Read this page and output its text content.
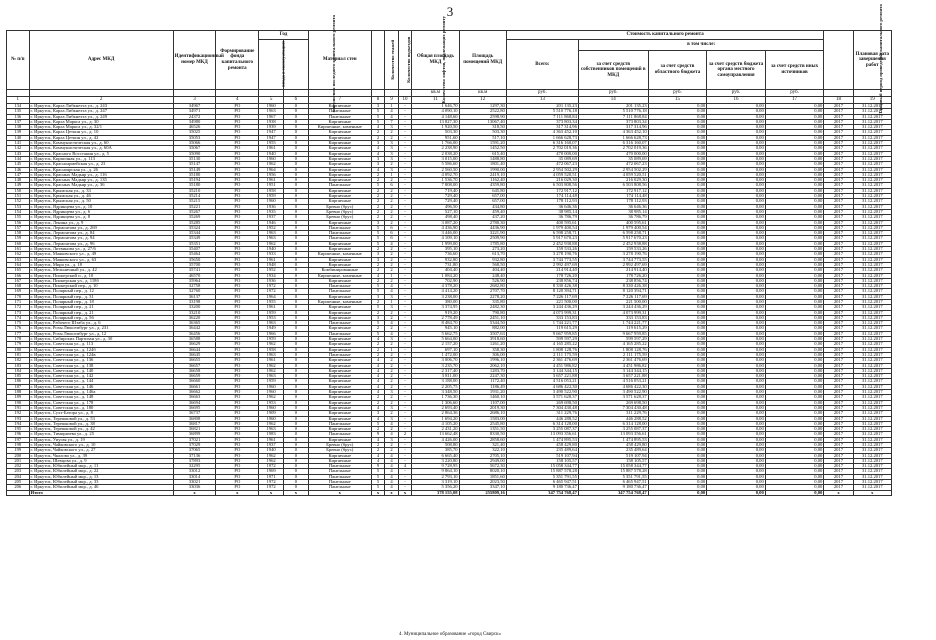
3
№ п/п	Адрес МКД	Идентификационный номер МКД	Формирование фонда капитального ремонта	Год		Материал стен	Количество этажей	Количество подъездов	Количество лифтов, подлежащих ремонту	Общая площадь МКД	Площадь помещений МКД	Стоимость капитального ремонта					Плановый период проведения капитального ремонта	Плановая дата завершения работ
				ввода в эксплуатацию	завершения последнего капитального ремонта							Всего:	в том числе:					
													за счет средств собственников помещений в МКД	за счет средств областного бюджета	за счет средств бюджета органа местного самоуправления	за счет средств иных источников		
										кв.м	кв.м	руб.	руб.	руб.	руб.	руб.		
1	2	3	4	5	6	7	8	9	10	11	12	13	14	15	16	17	18	19
134	г. Иркутск, Карла Либкнехта ул., д. 243	34967	РО	1960	0	Кирпичные	3	1	-	1 646,70	1297,30	201 135,23	201 135,23	0,00	0,00	0,00	2017	31.12.2017
135	г. Иркутск, Карла Либкнехта ул., д. 247	34971	РО	1963	0	Панельные	5	4	-	4 090,10	2522,80	5 510 776,18	5 510 776,18	0,00	0,00	0,00	2017	31.12.2017
136	г. Иркутск, Карла Либкнехта ул., д. 249	24372	РО	1967	0	Панельные	5	4	-	4 148,60	2598,90	7 111 868,84	7 111 868,84	0,00	0,00	0,00	2017	31.12.2017
137	г. Иркутск, Карла Маркса ул., д. 30	34980	РО	1938	0	Кирпичные	5	7	-	13 827,30	13067,40	373 803,34	373 803,34	0,00	0,00	0,00	2017	31.12.2017
138	г. Иркутск, Карла Маркса ул., д. 32/1	46526	РО	1939	0	Кирпичные, каменные	4	3	-	1 920,50	318,50	317 314,96	317 314,96	0,00	0,00	0,00	2017	31.12.2017
139	г. Иркутск, Карла Цеткин ул., д. 10	35025	РО	1947	0	Кирпичные	2	2	-	503,30	503,30	4 363 452,10	4 363 452,10	0,00	0,00	0,00	2017	31.12.2017
140	г. Иркутск, Карла Цеткин ул., д. 42	35053	РО	1947	0	Кирпичные	2	2	-	951,60	517,10	1 666 628,73	1 666 628,73	0,00	0,00	0,00	2017	31.12.2017
141	г. Иркутск, Коммунистическая ул., д. 60	35066	РО	1955	0	Кирпичные	3	3	-	1 766,00	1591,20	6 316 160,07	6 316 160,07	0,00	0,00	0,00	2017	31.12.2017
142	г. Иркутск, Коммунистическая ул., д. 60А	35067	РО	1961	0	Кирпичные	4	3	-	2 238,90	1452,50	2 702 019,36	2 702 019,36	0,00	0,00	0,00	2017	31.12.2017
143	г. Иркутск, Красного Восстания ул., д. 5	35090	РО	1940	0	Кирпичные	4	3	-	2 038,20	615,40	470 000,00	470 000,00	0,00	0,00	0,00	2017	31.12.2017
144	г. Иркутск, Кирпичная ул., д. 113	35130	РО	1960	0	Кирпичные	3	3	-	3 015,00	1488,80	35 089,69	35 089,69	0,00	0,00	0,00	2017	31.12.2017
145	г. Иркутск, Красноармейская ул., д. 23	35147	РО	1962	0	Кирпичные	3	2	-	5 586,60	1801,40	472 067,23	472 067,23	0,00	0,00	0,00	2017	31.12.2017
146	г. Иркутск, Красноярская ул., д. 26	35149	РО	1964	0	Кирпичные	4	3	-	2 560,50	1990,00	2 954 502,29	2 954 502,29	0,00	0,00	0,00	2017	31.12.2017
147	г. Иркутск, Красных Мадьяр ул., д. 116	35180	РО	1956	0	Кирпичные	2	1	-	4 092,70	2419,10	4 059 520,51	4 059 520,51	0,00	0,00	0,00	2017	31.12.2017
148	г. Иркутск, Красных Мадьяр ул., д. 135	35194	РО	1961	0	Кирпичные	2	2	-	1 536,70	1162,40	216 029,30	216 029,30	0,00	0,00	0,00	2017	31.12.2017
149	г. Иркутск, Красных Мадьяр ул., д. 36	35180	РО	1951	0	Панельные	5	6	-	7 808,00	4359,80	6 503 808,56	6 503 808,56	0,00	0,00	0,00	2017	31.12.2017
150	г. Иркутск, Крымская ул., д. 33	35210	РО	1958	0	Кирпичные	2	2	-	719,40	645,80	172 917,12	172 917,12	0,00	0,00	0,00	2017	31.12.2017
151	г. Иркутск, Крымская ул., д. 46	35214	РО	1959	0	Кирпичные	2	2	-	729,40	657,00	174 114,48	174 114,48	0,00	0,00	0,00	2017	31.12.2017
152	г. Иркутск, Крымская ул., д. 50	35215	РО	1960	0	Кирпичные	2	2	-	729,40	657,00	178 112,93	178 112,93	0,00	0,00	0,00	2017	31.12.2017
153	г. Иркутск, Ядринцева ул., д. 10	35221	РО	1936	0	Бревно (брус)	2	2	-	496,50	434,80	36 646,36	36 646,36	0,00	0,00	0,00	2017	31.12.2017
154	г. Иркутск, Ядринцева ул., д. 6	35267	РО	1935	0	Бревно (брус)	2	2	-	527,10	459,40	38 985,14	38 985,14	0,00	0,00	0,00	2017	31.12.2017
155	г. Иркутск, Ядринцева ул., д. 8	35269	РО	1937	0	Бревно (брус)	2	2	-	498,40	437,20	36 786,79	36 786,79	0,00	0,00	0,00	2017	31.12.2017
156	г. Иркутск, Ленина ул., д. 9	35285	РО	1946	0	Кирпичные	3	2	-	3 087,20	2780,30	400 595,61	400 595,61	0,00	0,00	0,00	2017	31.12.2017
157	г. Иркутск, Лермонтова ул., д. 269	35324	РО	1952	0	Панельные	5	6	-	4 436,90	4436,90	1 979 400,54	1 979 400,54	0,00	0,00	0,00	2017	31.12.2017
158	г. Иркутск, Лермонтова ул., д. 84	35344	РО	1963	0	Панельные	5	6	-	3 446,00	3221,90	6 598 258,71	6 598 258,71	0,00	0,00	0,00	2017	31.12.2017
159	г. Иркутск, Лермонтова ул., д. 94	35349	РО	1963	0	Панельные	5	6	-	4 109,10	2509,90	5 917 670,23	5 917 670,23	0,00	0,00	0,00	2017	31.12.2017
160	г. Иркутск, Лермонтова ул., д. 96	35351	РО	1962	0	Кирпичные	5	4	-	1 999,00	1785,80	2 452 938,88	2 452 938,88	0,00	0,00	0,00	2017	31.12.2017
161	г. Иркутск, Литвинова ул., д. 27/6	35407	РО	1940	0	Кирпичные	2	2	-	395,10	273,20	159 533,26	159 533,26	0,00	0,00	0,00	2017	31.12.2017
162	г. Иркутск, Маяковского ул., д. 49	35464	РО	1933	0	Кирпичные, каменные	3	2	-	736,60	613,70	3 278 190,76	3 278 190,76	0,00	0,00	0,00	2017	31.12.2017
163	г. Иркутск, Маяковского ул., д. 63	35650	РО	1961	0	Кирпичные	3	2	-	932,80	932,80	3 744 773,55	3 744 773,55	0,00	0,00	0,00	2017	31.12.2017
164	г. Иркутск, Мира ул., д. 18	35700	РО	1948	0	Кирпичные	2	2	-	731,80	568,50	2 992 497,69	2 992 497,69	0,00	0,00	0,00	2017	31.12.2017
165	г. Иркутск, Мельничный ул., д. 42	35741	РО	1952	0	Комбинированные	2	2	-	404,40	404,40	214 914,40	214 914,40	0,00	0,00	0,00	2017	31.12.2017
166	г. Иркутск, Пионерский п., д. 10	46570	РО	1934	0	Кирпичные, каменные	4	1	-	1 084,20	248,40	178 726,20	178 726,20	0,00	0,00	0,00	2017	31.12.2017
167	г. Иркутск, Пионерская ул., д. 118б	35964	РО	1936	0	Кирпичные	2	2	-	702,90	526,90	238 856,74	238 856,74	0,00	0,00	0,00	2017	31.12.2017
168	г. Иркутск, Пионерский пер., д. 10	32758	РО	1972	0	Панельные	5	4	-	4 378,20	2682,80	8 330 426,38	8 330 426,38	0,00	0,00	0,00	2017	31.12.2017
169	г. Иркутск, Полярный пер., д. 12	32760	РО	1972	0	Панельные	5	4	-	4 414,20	2707,70	8 120 394,71	8 120 394,71	0,00	0,00	0,00	2017	31.12.2017
170	г. Иркутск, Полярный пер., д. 31	36137	РО	1964	0	Кирпичные	3	3	-	3 238,00	2278,20	7 226 117,69	7 226 117,69	0,00	0,00	0,00	2017	31.12.2017
171	г. Иркутск, Полярный пер., д. 18	33198	РО	1955	0	Кирпичные, каменные	2	1	-	380,00	335,80	221 500,00	221 500,00	0,00	0,00	0,00	2017	31.12.2017
172	г. Иркутск, Полярный пер., д. 21	33200	РО	1961	0	Кирпичные	5	3	-	3 374,95	2482,30	3 244 436,29	3 244 436,29	0,00	0,00	0,00	2017	31.12.2017
173	г. Иркутск, Полярный пер., д. 21	33210	РО	1959	0	Кирпичные	2	2	-	919,20	790,80	4 073 999,31	4 073 999,31	0,00	0,00	0,00	2017	31.12.2017
174	г. Иркутск, Полярный пер., д. 56	36220	РО	1953	0	Кирпичные	3	2	-	2 778,49	2451,10	333 153,83	333 153,83	0,00	0,00	0,00	2017	31.12.2017
175	г. Иркутск, Рабочего Штаба ул., д. 6	36365	РО	1963	0	Панельные	5	4	-	8 484,70	5344,50	1 744 221,77	1 744 221,77	0,00	0,00	0,00	2017	31.12.2017
176	г. Иркутск, Розы Люксембург ул., д. 231	36442	РО	1949	0	Кирпичные	2	2	-	945,10	882,00	119 615,29	119 615,29	0,00	0,00	0,00	2017	31.12.2017
177	г. Иркутск, Розы Люксембург ул., д. 12	36456	РО	1966	0	Панельные	5	4	-	5 662,75	3507,63	9 667 959,85	9 667 959,85	0,00	0,00	0,00	2017	31.12.2017
178	г. Иркутск, Сибирских Партизан ул., д. 30	36588	РО	1959	0	Кирпичные	4	3	-	5 664,00	3918,60	599 597,29	599 597,29	0,00	0,00	0,00	2017	31.12.2017
179	г. Иркутск, Советская ул., д. 113	36629	РО	1962	0	Кирпичные	2	2	-	2 157,20	1261,20	4 165 285,22	4 165 285,22	0,00	0,00	0,00	2017	31.12.2017
180	г. Иркутск, Советская ул., д. 124б	36644	РО	1958	0	Кирпичные	2	1	-	697,10	358,30	1 808 128,76	1 808 128,76	0,00	0,00	0,00	2017	31.12.2017
181	г. Иркутск, Советская ул., д. 124в	36645	РО	1963	0	Панельные	2	2	-	1 472,00	306,00	2 111 175,59	2 111 175,59	0,00	0,00	0,00	2017	31.12.2017
182	г. Иркутск, Советская ул., д. 136	36655	РО	1961	0	Кирпичные	4	2	-	3 006,70	1996,10	2 361 476,69	2 361 476,69	0,00	0,00	0,00	2017	31.12.2017
183	г. Иркутск, Советская ул., д. 138	36657	РО	1962	0	Кирпичные	4	2	-	3 235,70	2062,10	4 451 986,82	4 451 986,82	0,00	0,00	0,00	2017	31.12.2017
184	г. Иркутск, Советская ул., д. 140	36658	РО	1962	0	Кирпичные	4	2	-	2 317,40	1283,70	3 144 344,15	3 144 344,15	0,00	0,00	0,00	2017	31.12.2017
185	г. Иркутск, Советская ул., д. 142	36659	РО	1963	0	Кирпичные	4	2	-	3 811,00	2247,30	3 657 221,88	3 657 221,88	0,00	0,00	0,00	2017	31.12.2017
186	г. Иркутск, Советская ул., д. 144	36660	РО	1959	0	Кирпичные	4	2	-	3 188,00	1172,40	4 516 053,21	4 516 053,21	0,00	0,00	0,00	2017	31.12.2017
187	г. Иркутск, Советская ул., д. 146	36661	РО	1960	0	Кирпичные	4	2	-	2 205,75	1186,49	4 686 422,30	4 686 422,30	0,00	0,00	0,00	2017	31.12.2017
188	г. Иркутск, Советская ул., д. 146а	36662	РО	1960	0	Кирпичные	4	3	-	3 348,50	1931,20	3 490 522,90	3 490 522,90	0,00	0,00	0,00	2017	31.12.2017
189	г. Иркутск, Советская ул., д. 148	36663	РО	1962	0	Кирпичные	2	2	-	1 736,30	1460,10	3 571 628,37	3 571 628,37	0,00	0,00	0,00	2017	31.12.2017
190	г. Иркутск, Советская ул., д. 178	36694	РО	1953	0	Кирпичные	2	2	-	1 306,60	1107,00	269 698,50	269 698,50	0,00	0,00	0,00	2017	31.12.2017
191	г. Иркутск, Советская ул., д. 180	36695	РО	1960	0	Кирпичные	4	3	-	2 693,40	2019,30	7 304 430,48	7 304 430,48	0,00	0,00	0,00	2017	31.12.2017
192	г. Иркутск, Сухэ-Батора ул., д. 8	36737	РО	1909	0	Кирпичные	3	2	-	2 864,36	2686,10	311 229,76	311 229,76	0,00	0,00	0,00	2017	31.12.2017
193	г. Иркутск, Терешковой ул., д. 53	36808	РО	1960	0	Кирпичные	4	3	-	1 694,20	1583,00	446 288,52	446 288,52	0,00	0,00	0,00	2017	31.12.2017
194	г. Иркутск, Терешковой ул., д. 38	36817	РО	1962	0	Панельные	5	4	-	4 105,20	2545,80	6 314 128,00	6 314 128,00	0,00	0,00	0,00	2017	31.12.2017
195	г. Иркутск, Терешковой ул., д. 42	36821	РО	1963	0	Кирпичные	2	2	-	2 431,20	1351,50	3 255 087,37	3 255 087,37	0,00	0,00	0,00	2017	31.12.2017
196	г. Иркутск, Тимирязева ул., д. 25	36899	РО	1983	0	Панельные	9	4	2	13 662,48	8330,50	13 093 356,61	13 093 356,61	0,00	0,00	0,00	2017	31.12.2017
197	г. Иркутск, Уиугая ул., д. 19	37021	РО	1961	0	Кирпичные	4	3	-	4 426,00	2858,60	1 474 895,53	1 474 895,53	0,00	0,00	0,00	2017	31.12.2017
198	г. Иркутск, Чайковского ул., д. 10	37029	РО	1937	0	Бревно (брус)	2	2	-	508,80	321,40	458 429,80	458 429,80	0,00	0,00	0,00	2017	31.12.2017
199	г. Иркутск, Чайковского ул., д. 27	37065	РО	1940	0	Бревно (брус)	2	2	-	385,70	322,10	235 489,64	235 489,64	0,00	0,00	0,00	2017	31.12.2017
200	г. Иркутск, Чкалова ул., д. 39	37136	РО	1962	0	Кирпичные	4	4	-	6 665,40	2705,10	519 107,94	519 107,94	0,00	0,00	0,00	2017	31.12.2017
201	г. Иркутск, Шевцова ул., д. 9	37893	РО	1962	0	Кирпичные	4	4	-	3 220,80	2949,00	158 105,57	158 105,57	0,00	0,00	0,00	2017	31.12.2017
202	г. Иркутск, Юбилейный мкр., д. 11	32295	РО	1972	0	Панельные	9	4	4	9 728,95	5672,30	15 058 344,77	15 058 344,77	0,00	0,00	0,00	2017	31.12.2017
203	г. Иркутск, Юбилейный мкр., д. 22	33012	РО	1969	0	Панельные	5	4	-	9 864,10	8020,10	15 887 578,28	15 887 578,28	0,00	0,00	0,00	2017	31.12.2017
204	г. Иркутск, Юбилейный мкр., д. 13	33014	РО	1971	0	Панельные	5	4	-	2 793,10	1851,60	5 351 791,55	5 351 791,55	0,00	0,00	0,00	2017	31.12.2017
205	г. Иркутск, Юбилейный мкр., д. 33	33021	РО	1972	0	Панельные	5	4	-	3 319,10	2023,50	6 465 947,51	6 465 947,51	0,00	0,00	0,00	2017	31.12.2017
206	г. Иркутск, Юбилейный мкр., д. 46	33036	РО	1972	0	Панельные	5	4	-	5 356,20	3347,10	9 180 736,47	9 180 736,47	0,00	0,00	0,00	2017	31.12.2017
	Итого	x	x	x	x	x	x	x	x	378 155,08	255809,16	347 754 768,47	347 754 768,47	0,00	0,00	0,00	x	x
4. Муниципальное образование «город Свирск»
